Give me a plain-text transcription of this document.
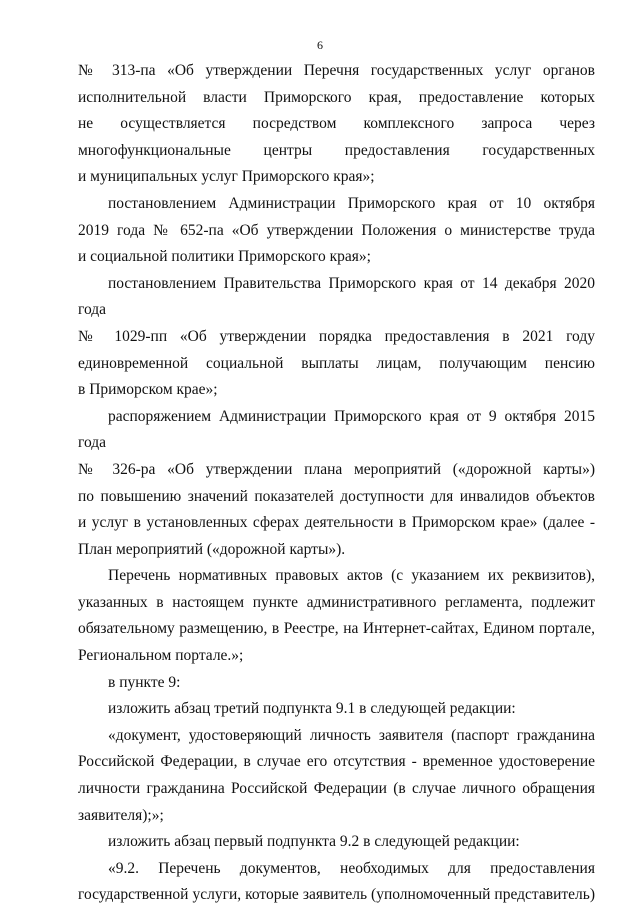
6

№ 313-па «Об утверждении Перечня государственных услуг органов

исполнительной власти Приморского края, предоставление которых

не осуществляется посредством комплексного запроса через

многофункциональные центры предоставления государственных

и муниципальных услуг Приморского края»;

постановлением Администрации Приморского края от 10 октября

2019 года № 652-па «Об утверждении Положения о министерстве труда

и социальной политики Приморского края»;

постановлением Правительства Приморского края от 14 декабря 2020 года

№ 1029-пп «Об утверждении порядка предоставления в 2021 году

единовременной социальной выплаты лицам, получающим пенсию

в Приморском крае»;

распоряжением Администрации Приморского края от 9 октября 2015 года

№ 326-ра «Об утверждении плана мероприятий («дорожной карты»)

по повышению значений показателей доступности для инвалидов объектов

и услуг в установленных сферах деятельности в Приморском крае» (далее -

План мероприятий («дорожной карты»).

Перечень нормативных правовых актов (с указанием их реквизитов),

указанных в настоящем пункте административного регламента, подлежит

обязательному размещению, в Реестре, на Интернет-сайтах, Едином портале,

Региональном портале.»;

в пункте 9:

изложить абзац третий подпункта 9.1 в следующей редакции:

«документ, удостоверяющий личность заявителя (паспорт гражданина

Российской Федерации, в случае его отсутствия - временное удостоверение

личности гражданина Российской Федерации (в случае личного обращения

заявителя);»;

изложить абзац первый подпункта 9.2 в следующей редакции:

«9.2. Перечень документов, необходимых для предоставления

государственной услуги, которые заявитель (уполномоченный представитель)
